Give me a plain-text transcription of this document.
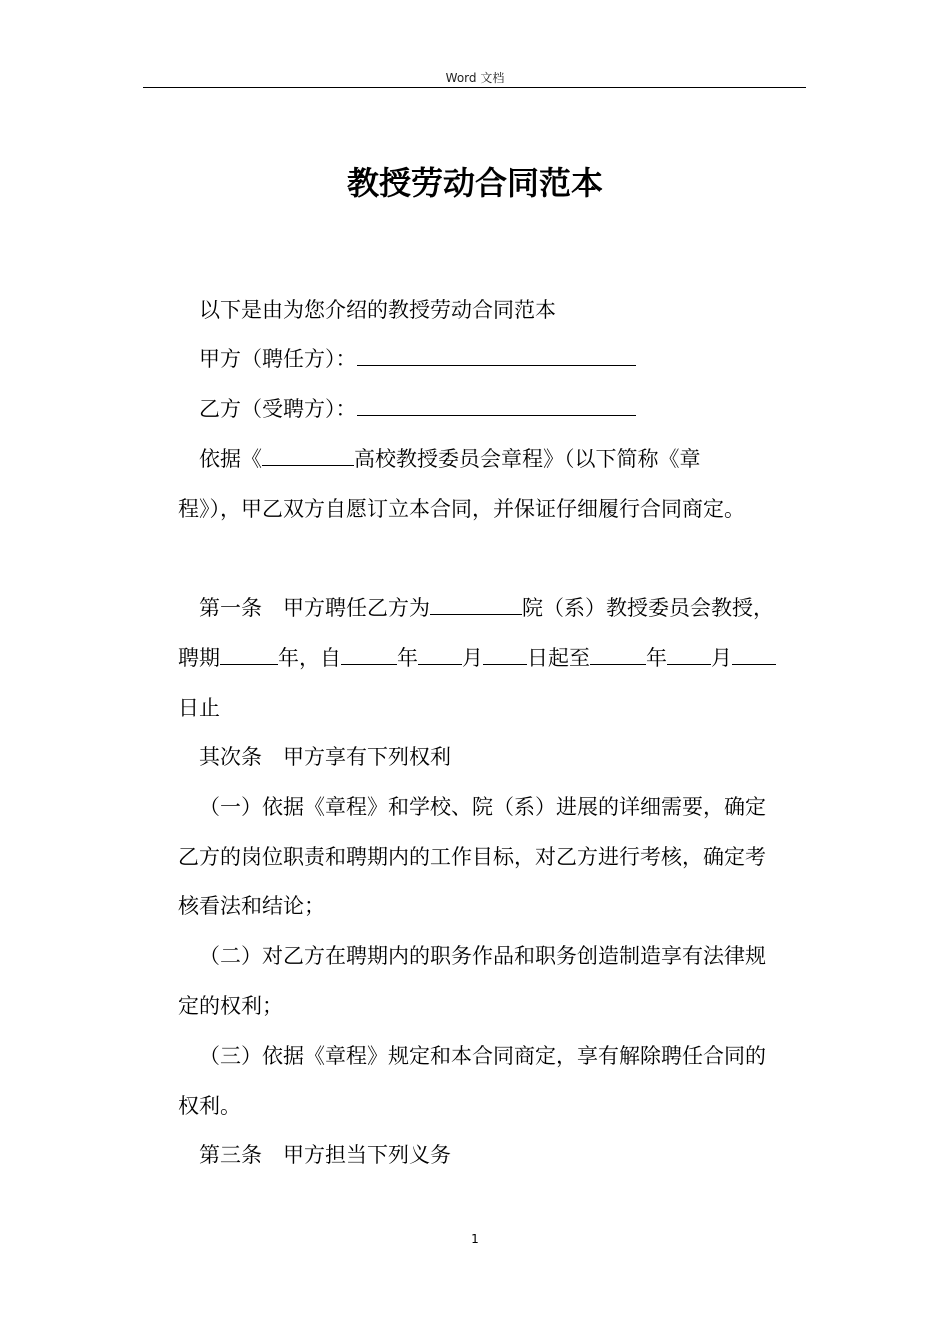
Word 文档
教授劳动合同范本
以下是由为您介绍的教授劳动合同范本
甲方（聘任方）：
乙方（受聘方）：
依据《	高校教授委员会章程》（以下简称《章
程》），甲乙双方自愿订立本合同，并保证仔细履行合同商定。
第一条　甲方聘任乙方为	院（系）教授委员会教授，
聘期	年，自	年 月 日起至	年 月
日止
其次条　甲方享有下列权利
（一）依据《章程》和学校、院（系）进展的详细需要，确定
乙方的岗位职责和聘期内的工作目标，对乙方进行考核，确定考
核看法和结论；
（二）对乙方在聘期内的职务作品和职务创造制造享有法律规
定的权利；
（三）依据《章程》规定和本合同商定，享有解除聘任合同的
权利。
第三条　甲方担当下列义务
1
